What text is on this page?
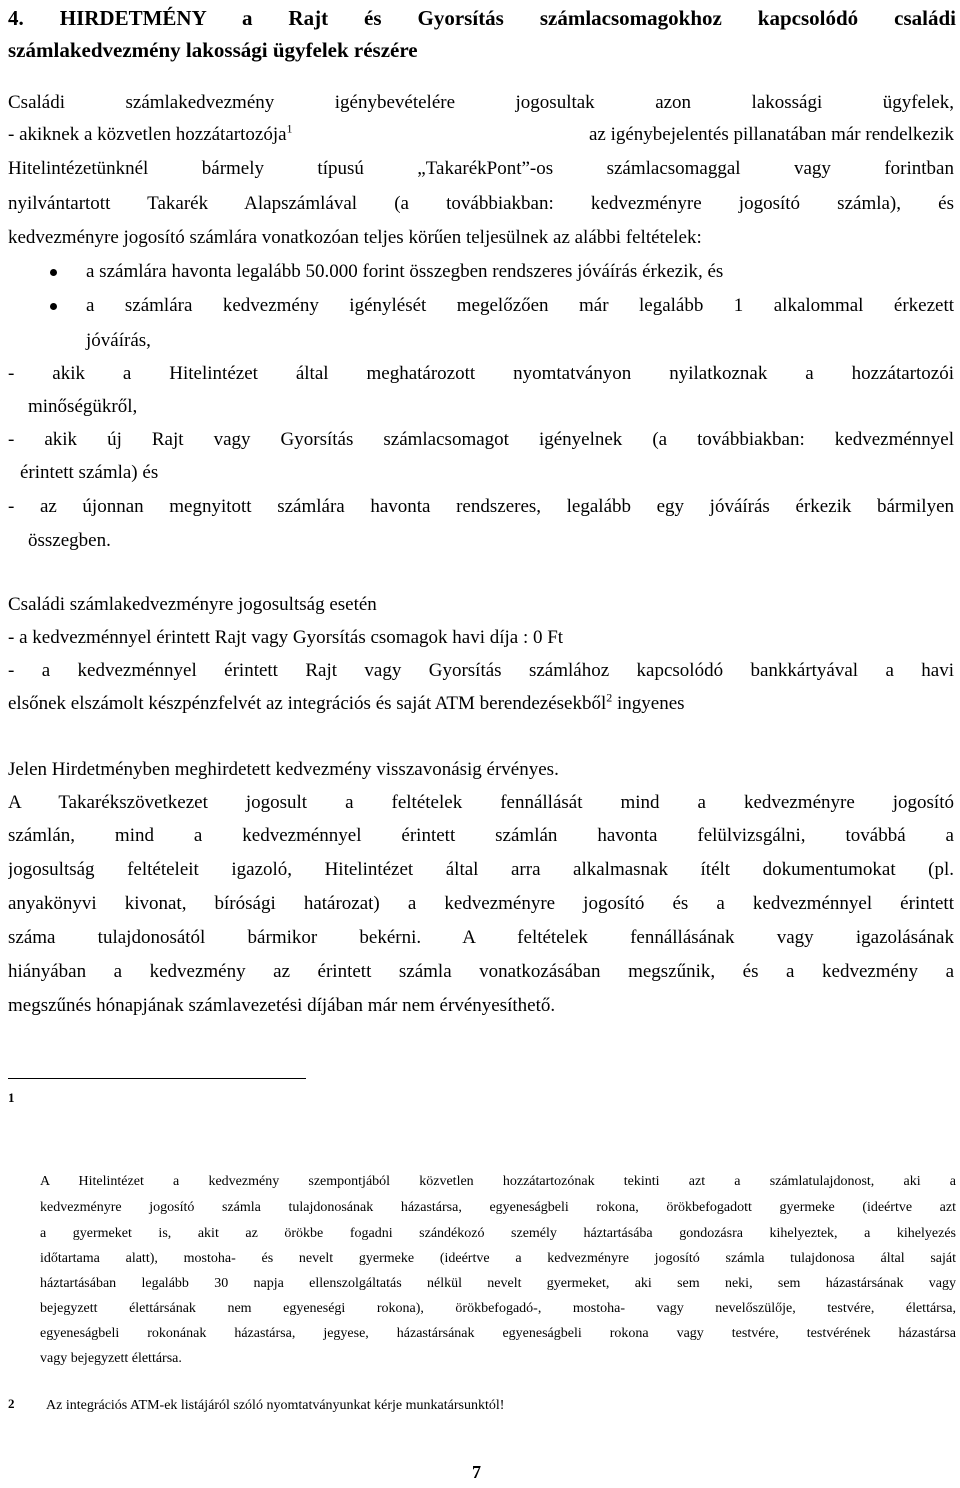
4. HIRDETMÉNY a Rajt és Gyorsítás számlacsomagokhoz kapcsolódó családi
számlakedvezmény lakossági ügyfelek részére
Családi számlakedvezmény igénybevételére jogosultak azon lakossági ügyfelek,
- akiknek a közvetlen hozzátartozója$^1$	az igénybejelentés pillanatában már rendelkezik
Hitelintézetünknél bármely típusú „TakarékPont”-os számlacsomaggal vagy forintban
nyilvántartott Takarék Alapszámlával (a továbbiakban: kedvezményre jogosító számla), és
kedvezményre jogosító számlára vonatkozóan teljes körűen teljesülnek az alábbi feltételek:
a számlára havonta legalább 50.000 forint összegben rendszeres jóváírás érkezik, és
a számlára kedvezmény igénylését megelőzően már legalább 1 alkalommal érkezett
jóváírás,
- akik a Hitelintézet által meghatározott nyomtatványon nyilatkoznak a hozzátartozói
minőségükről,
- akik új Rajt vagy Gyorsítás számlacsomagot igényelnek (a továbbiakban: kedvezménnyel
érintett számla) és
- az újonnan megnyitott számlára havonta rendszeres, legalább egy jóváírás érkezik bármilyen
összegben.
Családi számlakedvezményre jogosultság esetén
- a kedvezménnyel érintett Rajt vagy Gyorsítás csomagok havi díja : 0 Ft
- a kedvezménnyel érintett Rajt vagy Gyorsítás számlához kapcsolódó bankkártyával a havi
elsőnek elszámolt készpénzfelvét az integrációs és saját ATM berendezésekből$^2$ ingyenes
Jelen Hirdetményben meghirdetett kedvezmény visszavonásig érvényes.
A Takarékszövetkezet jogosult a feltételek fennállását mind a kedvezményre jogosító
számlán, mind a kedvezménnyel érintett számlán havonta felülvizsgálni, továbbá a
jogosultság feltételeit igazoló, Hitelintézet által arra alkalmasnak ítélt dokumentumokat (pl.
anyakönyvi kivonat, bírósági határozat) a kedvezményre jogosító és a kedvezménnyel érintett
száma tulajdonosától bármikor bekérni. A feltételek fennállásának vagy igazolásának
hiányában a kedvezmény az érintett számla vonatkozásában megszűnik, és a kedvezmény a
megszűnés hónapjának számlavezetési díjában már nem érvényesíthető.
1
A Hitelintézet a kedvezmény szempontjából közvetlen hozzátartozónak tekinti azt a számlatulajdonost, aki a
kedvezményre jogosító számla tulajdonosának házastársa, egyeneságbeli rokona, örökbefogadott gyermeke (ideértve azt
a gyermeket is, akit az örökbe fogadni szándékozó személy háztartásába gondozásra kihelyeztek, a kihelyezés
időtartama alatt), mostoha- és nevelt gyermeke (ideértve a kedvezményre jogosító számla tulajdonosa által saját
háztartásában legalább 30 napja ellenszolgáltatás nélkül nevelt gyermeket, aki sem neki, sem házastársának vagy
bejegyzett élettársának nem egyeneségi rokona), örökbefogadó-, mostoha- vagy nevelőszülője, testvére, élettársa,
egyeneságbeli rokonának házastársa, jegyese, házastársának egyeneságbeli rokona vagy testvére, testvérének házastársa
vagy bejegyzett élettársa.
2 Az integrációs ATM-ek listájáról szóló nyomtatványunkat kérje munkatársunktól!
7
